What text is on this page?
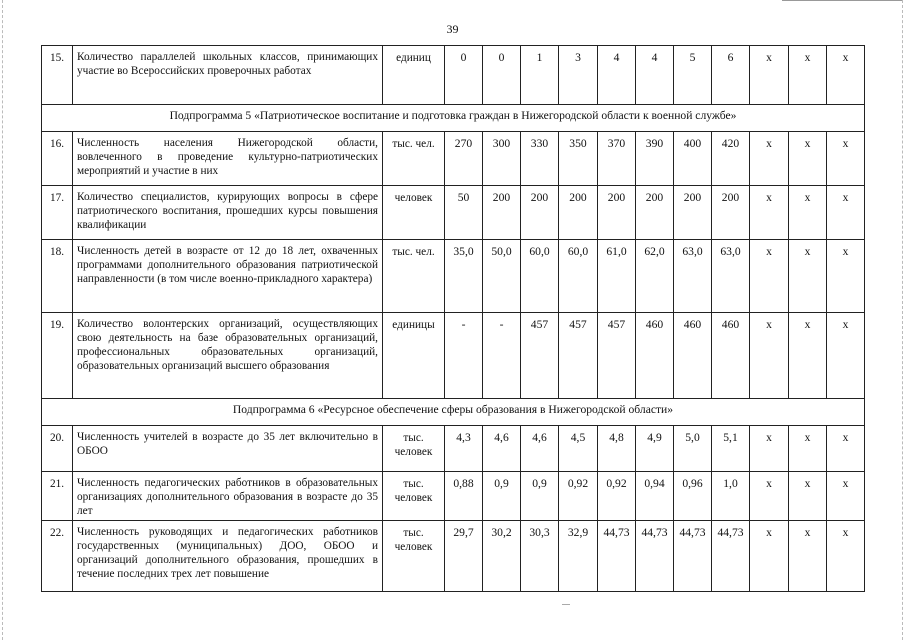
39
15.	Количество параллелей школьных классов, принимающих участие во Всероссийских проверочных работах	единиц	0	0	1	3	4	4	5	6	х	х	х
Подпрограмма 5 «Патриотическое воспитание и подготовка граждан в Нижегородской области к военной службе»													
16.	Численность населения Нижегородской области, вовлеченного в проведение культурно-патриотических мероприятий и участие в них	тыс. чел.	270	300	330	350	370	390	400	420	х	х	х
17.	Количество специалистов, курирующих вопросы в сфере патриотического воспитания, прошедших курсы повышения квалификации	человек	50	200	200	200	200	200	200	200	х	х	х
18.	Численность детей в возрасте от 12 до 18 лет, охваченных программами дополнительного образования патриотической направленности (в том числе военно-прикладного характера)	тыс. чел.	35,0	50,0	60,0	60,0	61,0	62,0	63,0	63,0	х	х	х
19.	Количество волонтерских организаций, осуществляющих свою деятельность на базе образовательных организаций, профессиональных образовательных организаций, образовательных организаций высшего образования	единицы	-	-	457	457	457	460	460	460	х	х	х
Подпрограмма 6 «Ресурсное обеспечение сферы образования в Нижегородской области»													
20.	Численность учителей в возрасте до 35 лет включительно в ОБОО	тыс. человек	4,3	4,6	4,6	4,5	4,8	4,9	5,0	5,1	х	х	х
21.	Численность педагогических работников в образовательных организациях дополнительного образования в возрасте до 35 лет	тыс. человек	0,88	0,9	0,9	0,92	0,92	0,94	0,96	1,0	х	х	х
22.	Численность руководящих и педагогических работников государственных (муниципальных) ДОО, ОБОО и организаций дополнительного образования, прошедших в течение последних трех лет повышение	тыс. человек	29,7	30,2	30,3	32,9	44,73	44,73	44,73	44,73	х	х	х
